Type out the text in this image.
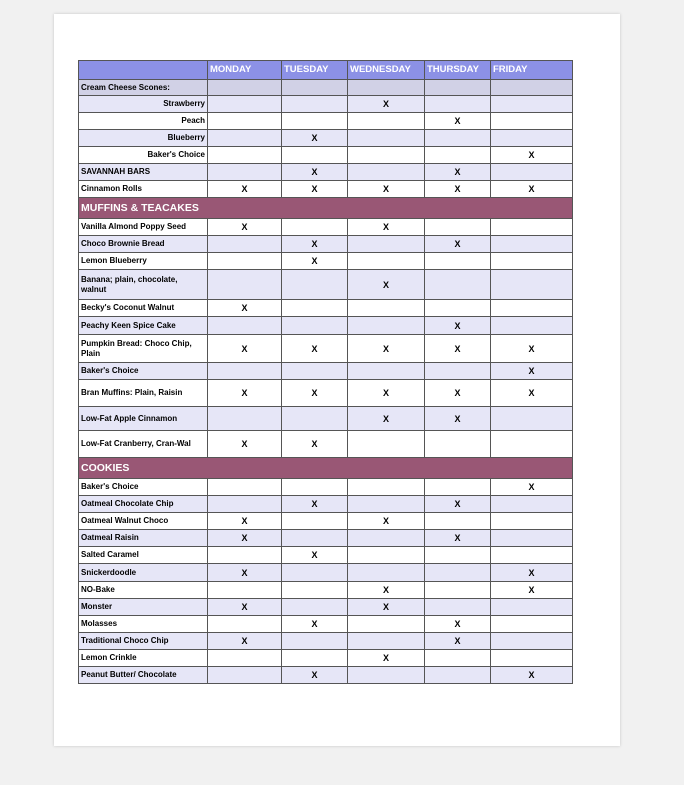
	MONDAY	TUESDAY	WEDNESDAY	THURSDAY	FRIDAY
Cream Cheese Scones:					
Strawberry			X		
Peach				X	
Blueberry		X			
Baker's Choice					X
SAVANNAH BARS		X		X	
Cinnamon Rolls	X	X	X	X	X
MUFFINS & TEACAKES					
Vanilla Almond Poppy Seed	X		X		
Choco Brownie Bread		X		X	
Lemon Blueberry		X			
Banana; plain, chocolate, walnut			X		
Becky's Coconut Walnut	X				
Peachy Keen Spice Cake				X	
Pumpkin Bread: Choco Chip, Plain	X	X	X	X	X
Baker's Choice					X
Bran Muffins: Plain, Raisin	X	X	X	X	X
Low-Fat Apple Cinnamon			X	X	
Low-Fat Cranberry, Cran-Wal	X	X			
COOKIES					
Baker's Choice					X
Oatmeal Chocolate Chip		X		X	
Oatmeal Walnut Choco	X		X		
Oatmeal Raisin	X			X	
Salted Caramel		X			
Snickerdoodle	X				X
NO-Bake			X		X
Monster	X		X		
Molasses		X		X	
Traditional Choco Chip	X			X	
Lemon Crinkle			X		
Peanut Butter/ Chocolate		X			X
